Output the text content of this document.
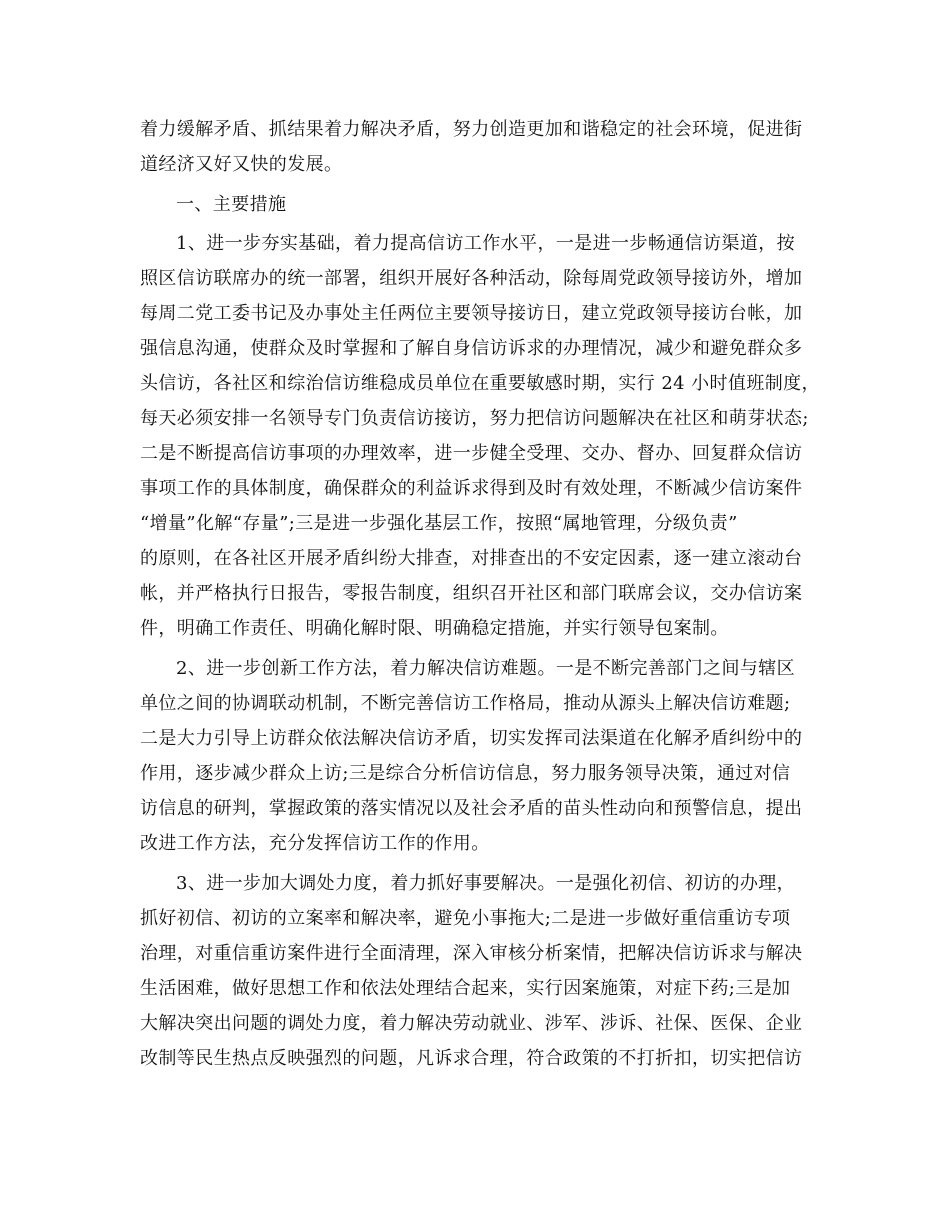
着力缓解矛盾、抓结果着力解决矛盾，努力创造更加和谐稳定的社会环境，促进街

道经济又好又快的发展。

一、主要措施

1、进一步夯实基础，着力提高信访工作水平，一是进一步畅通信访渠道，按

照区信访联席办的统一部署，组织开展好各种活动，除每周党政领导接访外，增加

每周二党工委书记及办事处主任两位主要领导接访日，建立党政领导接访台帐，加

强信息沟通，使群众及时掌握和了解自身信访诉求的办理情况，减少和避免群众多

头信访，各社区和综治信访维稳成员单位在重要敏感时期，实行 24 小时值班制度，

每天必须安排一名领导专门负责信访接访，努力把信访问题解决在社区和萌芽状态;

二是不断提高信访事项的办理效率，进一步健全受理、交办、督办、回复群众信访

事项工作的具体制度，确保群众的利益诉求得到及时有效处理，不断减少信访案件

“增量”化解“存量”;三是进一步强化基层工作，按照“属地管理，分级负责”

的原则，在各社区开展矛盾纠纷大排查，对排查出的不安定因素，逐一建立滚动台

帐，并严格执行日报告，零报告制度，组织召开社区和部门联席会议，交办信访案

件，明确工作责任、明确化解时限、明确稳定措施，并实行领导包案制。

2、进一步创新工作方法，着力解决信访难题。一是不断完善部门之间与辖区

单位之间的协调联动机制，不断完善信访工作格局，推动从源头上解决信访难题;

二是大力引导上访群众依法解决信访矛盾，切实发挥司法渠道在化解矛盾纠纷中的

作用，逐步减少群众上访;三是综合分析信访信息，努力服务领导决策，通过对信

访信息的研判，掌握政策的落实情况以及社会矛盾的苗头性动向和预警信息，提出

改进工作方法，充分发挥信访工作的作用。

3、进一步加大调处力度，着力抓好事要解决。一是强化初信、初访的办理，

抓好初信、初访的立案率和解决率，避免小事拖大;二是进一步做好重信重访专项

治理，对重信重访案件进行全面清理，深入审核分析案情，把解决信访诉求与解决

生活困难，做好思想工作和依法处理结合起来，实行因案施策，对症下药;三是加

大解决突出问题的调处力度，着力解决劳动就业、涉军、涉诉、社保、医保、企业

改制等民生热点反映强烈的问题，凡诉求合理，符合政策的不打折扣，切实把信访
